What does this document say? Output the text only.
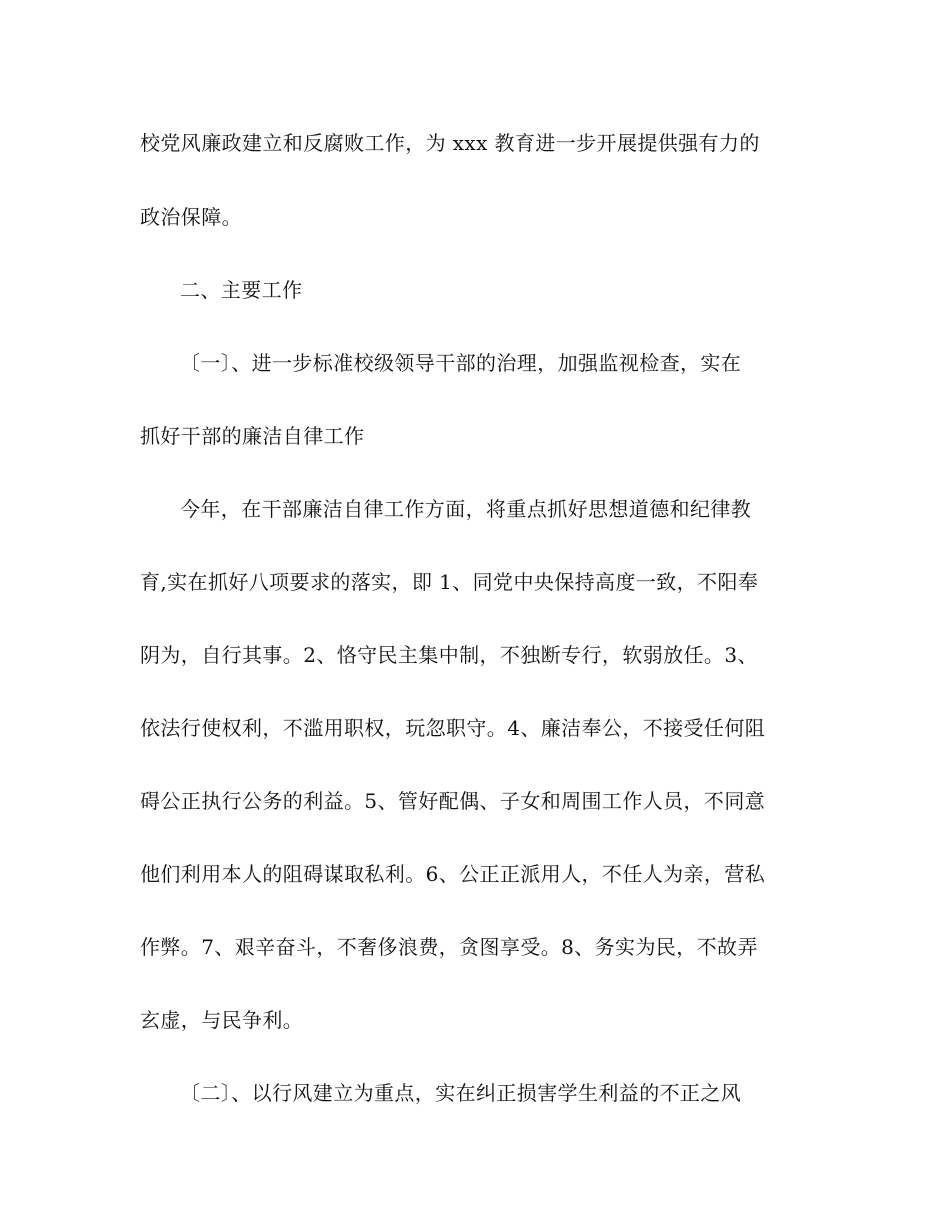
校党风廉政建立和反腐败工作，为 xxx 教育进一步开展提供强有力的
政治保障。
二、主要工作
〔一〕、进一步标准校级领导干部的治理，加强监视检查，实在
抓好干部的廉洁自律工作
今年，在干部廉洁自律工作方面，将重点抓好思想道德和纪律教
育,实在抓好八项要求的落实，即 1、同党中央保持高度一致，不阳奉
阴为，自行其事。2、恪守民主集中制，不独断专行，软弱放任。3、
依法行使权利，不滥用职权，玩忽职守。4、廉洁奉公，不接受任何阻
碍公正执行公务的利益。5、管好配偶、子女和周围工作人员，不同意
他们利用本人的阻碍谋取私利。6、公正正派用人，不任人为亲，营私
作弊。7、艰辛奋斗，不奢侈浪费，贪图享受。8、务实为民，不故弄
玄虚，与民争利。
〔二〕、以行风建立为重点，实在纠正损害学生利益的不正之风
